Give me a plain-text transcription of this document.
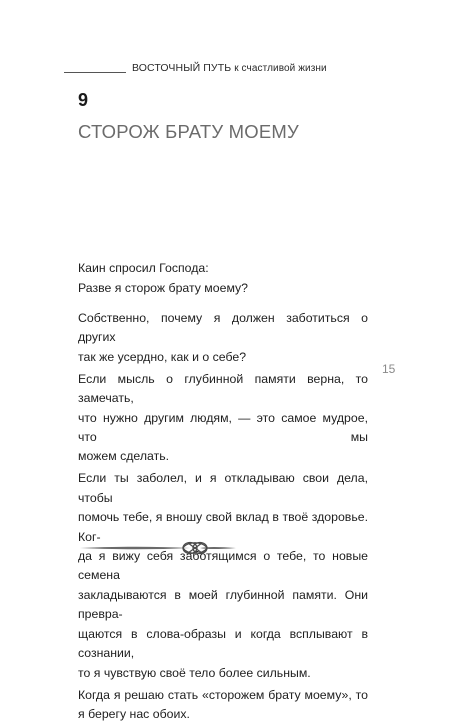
ВОСТОЧНЫЙ ПУТЬ к счастливой жизни
9
СТОРОЖ БРАТУ МОЕМУ

Каин спросил Господа:

Разве я сторож брату моему?

Собственно, почему я должен заботиться о других
так же усердно, как и о себе?

Если мысль о глубинной памяти верна, то замечать,
что нужно другим людям, — это самое мудрое, что мы
можем сделать.

Если ты заболел, и я откладываю свои дела, чтобы
помочь тебе, я вношу свой вклад в твоё здоровье. Ког-
да я вижу себя заботящимся о тебе, то новые семена
закладываются в моей глубинной памяти. Они превра-
щаются в слова-образы и когда всплывают в сознании,
то я чувствую своё тело более сильным.

Когда я решаю стать «сторожем брату моему», то
я берегу нас обоих.

15
